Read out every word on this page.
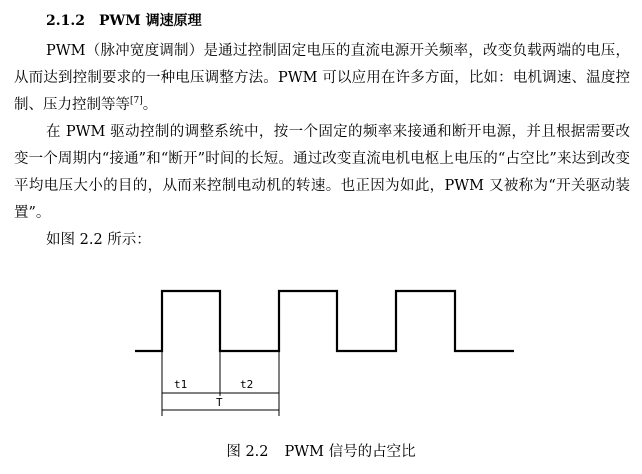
2.1.2 PWM 调速原理

PWM（脉冲宽度调制）是通过控制固定电压的直流电源开关频率，改变负载两端的电压，从而达到控制要求的一种电压调整方法。PWM 可以应用在许多方面，比如：电机调速、温度控制、压力控制等等[7]。

在 PWM 驱动控制的调整系统中，按一个固定的频率来接通和断开电源，并且根据需要改变一个周期内“接通”和“断开”时间的长短。通过改变直流电机电枢上电压的“占空比”来达到改变平均电压大小的目的，从而来控制电动机的转速。也正因为如此，PWM 又被称为“开关驱动装置”。

如图 2.2 所示：

t1	t2
T
图 2.2 PWM 信号的占空比
